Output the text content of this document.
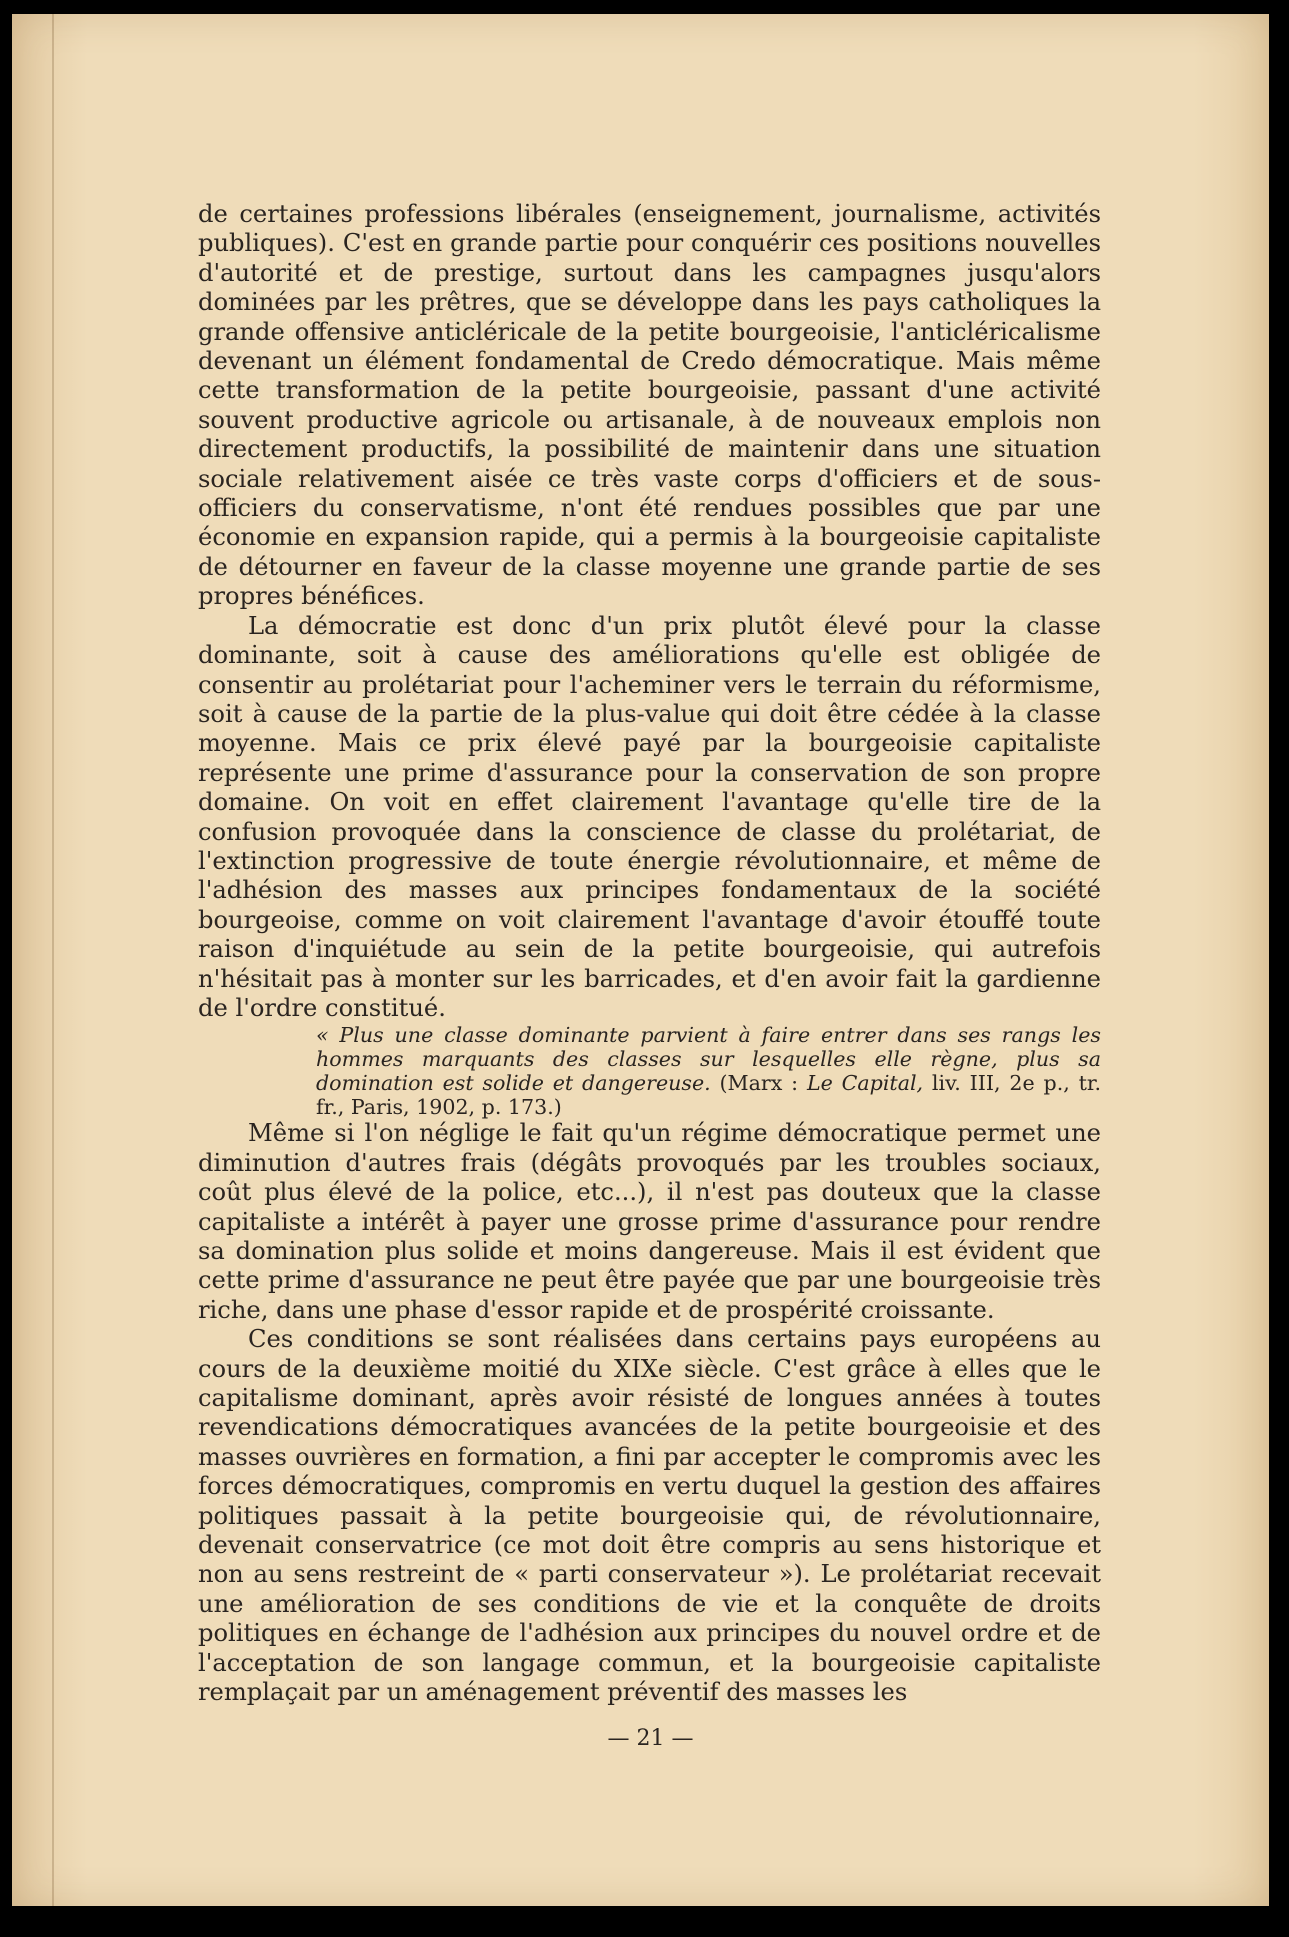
de certaines professions libérales (enseignement, journalisme, activités publiques). C'est en grande partie pour conquérir ces positions nouvelles d'autorité et de prestige, surtout dans les campagnes jusqu'alors dominées par les prêtres, que se développe dans les pays catholiques la grande offensive anticléricale de la petite bourgeoisie, l'anticléricalisme devenant un élément fondamental de Credo démocratique. Mais même cette transformation de la petite bourgeoisie, passant d'une activité souvent productive agricole ou artisanale, à de nouveaux emplois non directement productifs, la possibilité de maintenir dans une situation sociale relativement aisée ce très vaste corps d'officiers et de sous-officiers du conservatisme, n'ont été rendues possibles que par une économie en expansion rapide, qui a permis à la bourgeoisie capitaliste de détourner en faveur de la classe moyenne une grande partie de ses propres bénéfices.

La démocratie est donc d'un prix plutôt élevé pour la classe dominante, soit à cause des améliorations qu'elle est obligée de consentir au prolétariat pour l'acheminer vers le terrain du réformisme, soit à cause de la partie de la plus-value qui doit être cédée à la classe moyenne. Mais ce prix élevé payé par la bourgeoisie capitaliste représente une prime d'assurance pour la conservation de son propre domaine. On voit en effet clairement l'avantage qu'elle tire de la confusion provoquée dans la conscience de classe du prolétariat, de l'extinction progressive de toute énergie révolutionnaire, et même de l'adhésion des masses aux principes fondamentaux de la société bourgeoise, comme on voit clairement l'avantage d'avoir étouffé toute raison d'inquiétude au sein de la petite bourgeoisie, qui autrefois n'hésitait pas à monter sur les barricades, et d'en avoir fait la gardienne de l'ordre constitué.

« Plus une classe dominante parvient à faire entrer dans ses rangs les hommes marquants des classes sur lesquelles elle règne, plus sa domination est solide et dangereuse. (Marx : Le Capital, liv. III, 2e p., tr. fr., Paris, 1902, p. 173.)

Même si l'on néglige le fait qu'un régime démocratique permet une diminution d'autres frais (dégâts provoqués par les troubles sociaux, coût plus élevé de la police, etc...), il n'est pas douteux que la classe capitaliste a intérêt à payer une grosse prime d'assurance pour rendre sa domination plus solide et moins dangereuse. Mais il est évident que cette prime d'assurance ne peut être payée que par une bourgeoisie très riche, dans une phase d'essor rapide et de prospérité croissante.

Ces conditions se sont réalisées dans certains pays européens au cours de la deuxième moitié du XIXe siècle. C'est grâce à elles que le capitalisme dominant, après avoir résisté de longues années à toutes revendications démocratiques avancées de la petite bourgeoisie et des masses ouvrières en formation, a fini par accepter le compromis avec les forces démocratiques, compromis en vertu duquel la gestion des affaires politiques passait à la petite bourgeoisie qui, de révolutionnaire, devenait conservatrice (ce mot doit être compris au sens historique et non au sens restreint de « parti conservateur »). Le prolétariat recevait une amélioration de ses conditions de vie et la conquête de droits politiques en échange de l'adhésion aux principes du nouvel ordre et de l'acceptation de son langage commun, et la bourgeoisie capitaliste remplaçait par un aménagement préventif des masses les

— 21 —
